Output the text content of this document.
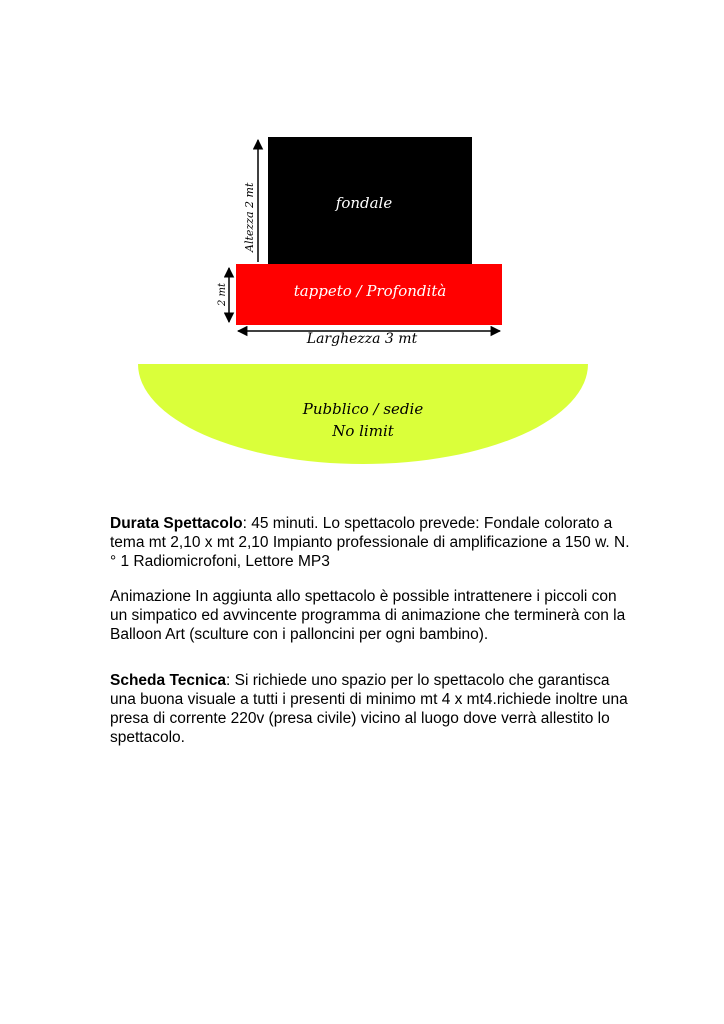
fondale
Altezza 2 mt
tappeto / Profondità
2 mt
Larghezza 3 mt
Pubblico / sedie
No limit

Durata Spettacolo: 45 minuti. Lo spettacolo prevede: Fondale colorato a tema mt 2,10 x mt 2,10 Impianto professionale di amplificazione a 150 w. N.° 1 Radiomicrofoni, Lettore MP3

Animazione In aggiunta allo spettacolo è possible intrattenere i piccoli con un simpatico ed avvincente programma di animazione che terminerà con la Balloon Art (sculture con i palloncini per ogni bambino).

Scheda Tecnica: Si richiede uno spazio per lo spettacolo che garantisca una buona visuale a tutti i presenti di minimo mt 4 x mt4.richiede inoltre una presa di corrente 220v (presa civile) vicino al luogo dove verrà allestito lo spettacolo.
